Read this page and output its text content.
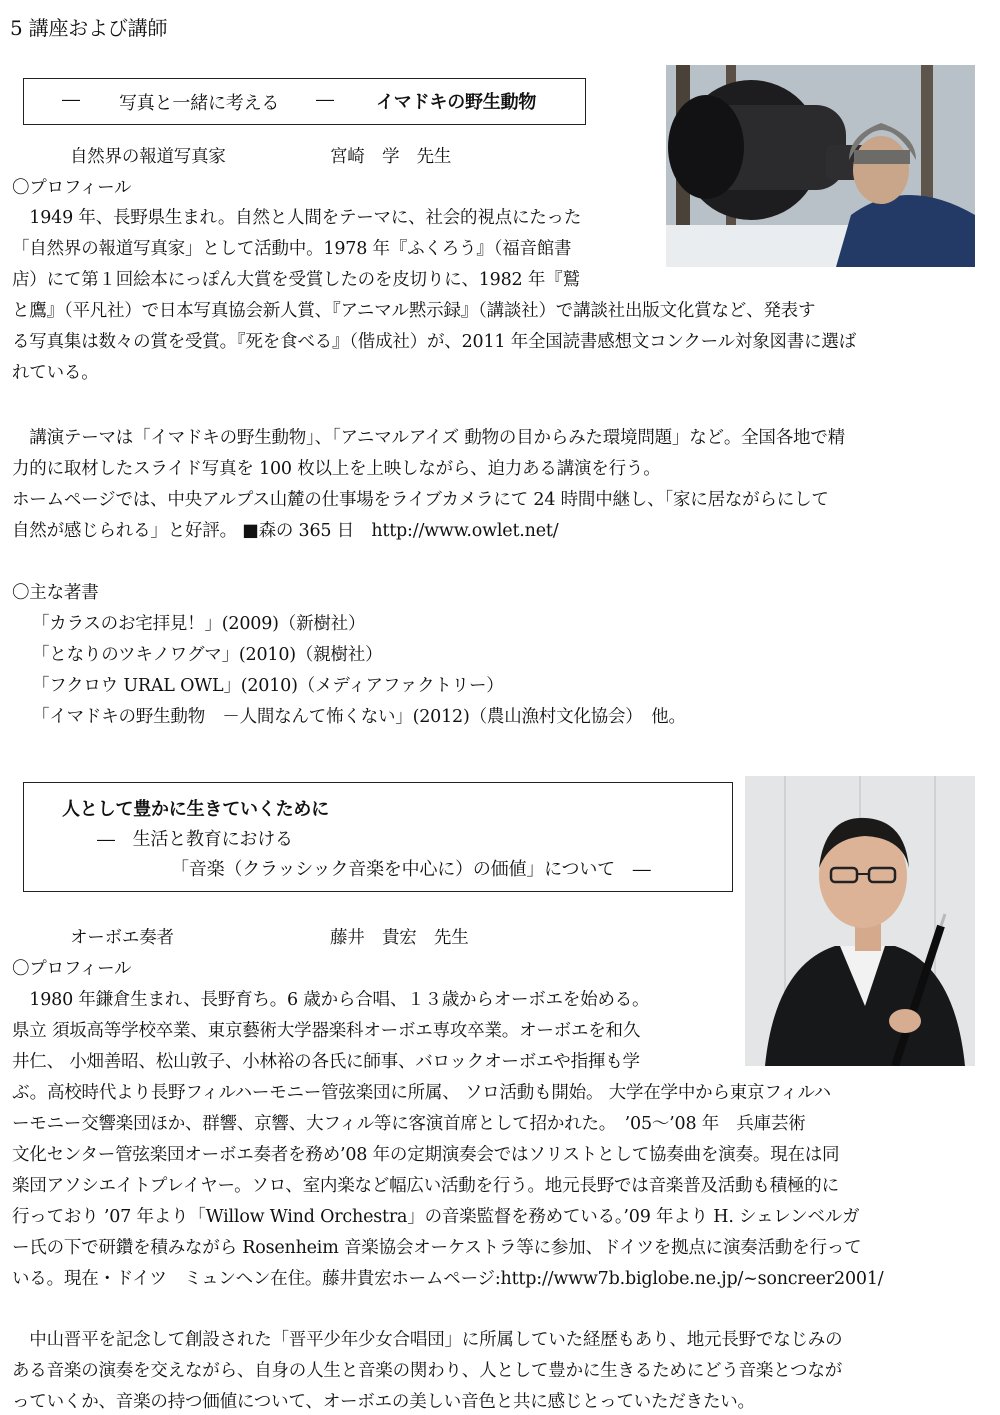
5 講座および講師
― 写真と一緒に考える ― イマドキの野生動物
自然界の報道写真家	宮崎 学 先生
〇プロフィール
　1949 年、長野県生まれ。自然と人間をテーマに、社会的視点にたった
「自然界の報道写真家」として活動中。1978 年『ふくろう』（福音館書
店）にて第１回絵本にっぽん大賞を受賞したのを皮切りに、1982 年『鷲
と鷹』（平凡社）で日本写真協会新人賞、『アニマル黙示録』（講談社）で講談社出版文化賞など、発表す
る写真集は数々の賞を受賞。『死を食べる』（偕成社）が、2011 年全国読書感想文コンクール対象図書に選ば
れている。
　講演テーマは「イマドキの野生動物」、「アニマルアイズ 動物の目からみた環境問題」など。全国各地で精
力的に取材したスライド写真を 100 枚以上を上映しながら、迫力ある講演を行う。
ホームページでは、中央アルプス山麓の仕事場をライブカメラにて 24 時間中継し、「家に居ながらにして
自然が感じられる」と好評。 ■森の 365 日　http://www.owlet.net/
〇主な著書
「カラスのお宅拝見！」(2009)（新樹社）
「となりのツキノワグマ」(2010)（親樹社）
「フクロウ URAL OWL」(2010)（メディアファクトリー）
「イマドキの野生動物　－人間なんて怖くない」(2012)（農山漁村文化協会）　他。
人として豊かに生きていくために
―　生活と教育における
「音楽（クラッシック音楽を中心に）の価値」について　―
オーボエ奏者	藤井 貴宏 先生
〇プロフィール
　1980 年鎌倉生まれ、長野育ち。6 歳から合唱、１３歳からオーボエを始める。
県立 須坂高等学校卒業、東京藝術大学器楽科オーボエ専攻卒業。オーボエを和久
井仁、 小畑善昭、松山敦子、小林裕の各氏に師事、バロックオーボエや指揮も学
ぶ。高校時代より長野フィルハーモニー管弦楽団に所属、 ソロ活動も開始。 大学在学中から東京フィルハ
ーモニー交響楽団ほか、群響、京響、大フィル等に客演首席として招かれた。　’05～’08 年　兵庫芸術
文化センター管弦楽団オーボエ奏者を務め’08 年の定期演奏会ではソリストとして協奏曲を演奏。現在は同
楽団アソシエイトプレイヤー。ソロ、室内楽など幅広い活動を行う。地元長野では音楽普及活動も積極的に
行っており ’07 年より「Willow Wind Orchestra」の音楽監督を務めている。’09 年より H. シェレンベルガ
ー氏の下で研鑽を積みながら Rosenheim 音楽協会オーケストラ等に参加、ドイツを拠点に演奏活動を行って
いる。現在・ドイツ　ミュンヘン在住。藤井貴宏ホームページ:http://www7b.biglobe.ne.jp/~soncreer2001/
　中山晋平を記念して創設された「晋平少年少女合唱団」に所属していた経歴もあり、地元長野でなじみの
ある音楽の演奏を交えながら、自身の人生と音楽の関わり、人として豊かに生きるためにどう音楽とつなが
っていくか、音楽の持つ価値について、オーボエの美しい音色と共に感じとっていただきたい。
